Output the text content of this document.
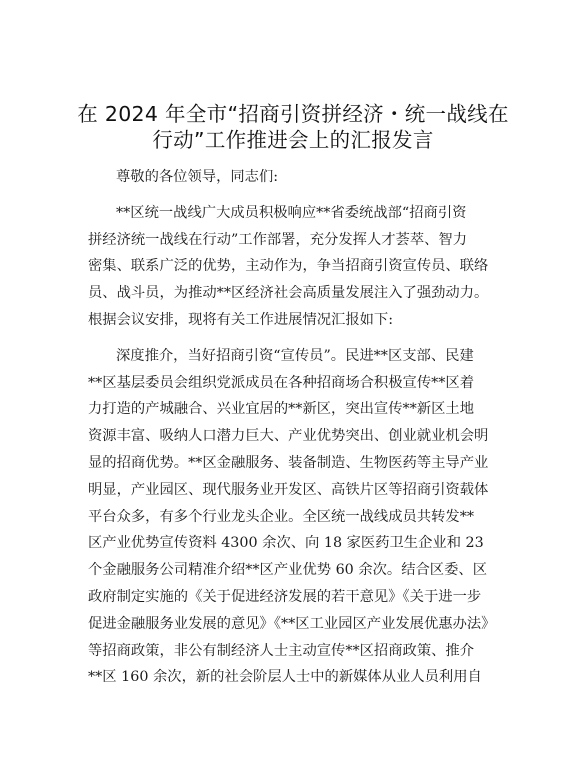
在 2024 年全市“招商引资拼经济・统一战线在
行动”工作推进会上的汇报发言

尊敬的各位领导，同志们:

**区统一战线广大成员积极响应**省委统战部“招商引资
拼经济统一战线在行动”工作部署，充分发挥人才荟萃、智力
密集、联系广泛的优势，主动作为，争当招商引资宣传员、联络
员、战斗员，为推动**区经济社会高质量发展注入了强劲动力。
根据会议安排，现将有关工作进展情况汇报如下:

深度推介，当好招商引资“宣传员”。民进**区支部、民建
**区基层委员会组织党派成员在各种招商场合积极宣传**区着
力打造的产城融合、兴业宜居的**新区，突出宣传**新区土地
资源丰富、吸纳人口潜力巨大、产业优势突出、创业就业机会明
显的招商优势。**区金融服务、装备制造、生物医药等主导产业
明显，产业园区、现代服务业开发区、高铁片区等招商引资载体
平台众多，有多个行业龙头企业。全区统一战线成员共转发**
区产业优势宣传资料 4300 余次、向 18 家医药卫生企业和 23
个金融服务公司精准介绍**区产业优势 60 余次。结合区委、区
政府制定实施的《关于促进经济发展的若干意见》《关于进一步
促进金融服务业发展的意见》《**区工业园区产业发展优惠办法》
等招商政策，非公有制经济人士主动宣传**区招商政策、推介
**区 160 余次，新的社会阶层人士中的新媒体从业人员利用自
